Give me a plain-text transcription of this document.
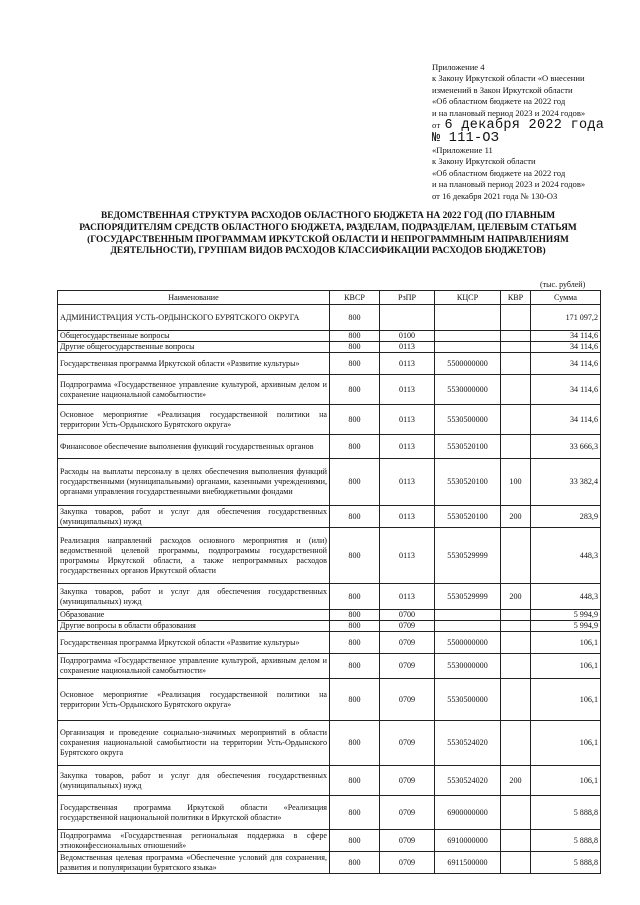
Приложение 4
к Закону Иркутской области «О внесении
изменений в Закон Иркутской области
«Об областном бюджете на 2022 год
и на плановый период 2023 и 2024 годов»
от 6 декабря 2022 года
№ 111-ОЗ
«Приложение 11
к Закону Иркутской области
«Об областном бюджете на 2022 год
и на плановый период 2023 и 2024 годов»
от 16 декабря 2021 года № 130-ОЗ
ВЕДОМСТВЕННАЯ СТРУКТУРА РАСХОДОВ ОБЛАСТНОГО БЮДЖЕТА НА 2022 ГОД (ПО ГЛАВНЫМ РАСПОРЯДИТЕЛЯМ СРЕДСТВ ОБЛАСТНОГО БЮДЖЕТА, РАЗДЕЛАМ, ПОДРАЗДЕЛАМ, ЦЕЛЕВЫМ СТАТЬЯМ (ГОСУДАРСТВЕННЫМ ПРОГРАММАМ ИРКУТСКОЙ ОБЛАСТИ И НЕПРОГРАММНЫМ НАПРАВЛЕНИЯМ ДЕЯТЕЛЬНОСТИ), ГРУППАМ ВИДОВ РАСХОДОВ КЛАССИФИКАЦИИ РАСХОДОВ БЮДЖЕТОВ)
(тыс. рублей)
Наименование	КВСР	РзПР	КЦСР	КВР	Сумма
АДМИНИСТРАЦИЯ УСТЬ-ОРДЫНСКОГО БУРЯТСКОГО ОКРУГА	800				171 097,2
Общегосударственные вопросы	800	0100			34 114,6
Другие общегосударственные вопросы	800	0113			34 114,6
Государственная программа Иркутской области «Развитие культуры»	800	0113	5500000000		34 114,6
Подпрограмма «Государственное управление культурой, архивным делом и сохранение национальной самобытности»	800	0113	5530000000		34 114,6
Основное мероприятие «Реализация государственной политики на территории Усть-Ордынского Бурятского округа»	800	0113	5530500000		34 114,6
Финансовое обеспечение выполнения функций государственных органов	800	0113	5530520100		33 666,3
Расходы на выплаты персоналу в целях обеспечения выполнения функций государственными (муниципальными) органами, казенными учреждениями, органами управления государственными внебюджетными фондами	800	0113	5530520100	100	33 382,4
Закупка товаров, работ и услуг для обеспечения государственных (муниципальных) нужд	800	0113	5530520100	200	283,9
Реализация направлений расходов основного мероприятия и (или) ведомственной целевой программы, подпрограммы государственной программы Иркутской области, а также непрограммных расходов государственных органов Иркутской области	800	0113	5530529999		448,3
Закупка товаров, работ и услуг для обеспечения государственных (муниципальных) нужд	800	0113	5530529999	200	448,3
Образование	800	0700			5 994,9
Другие вопросы в области образования	800	0709			5 994,9
Государственная программа Иркутской области «Развитие культуры»	800	0709	5500000000		106,1
Подпрограмма «Государственное управление культурой, архивным делом и сохранение национальной самобытности»	800	0709	5530000000		106,1
Основное мероприятие «Реализация государственной политики на территории Усть-Ордынского Бурятского округа»	800	0709	5530500000		106,1
Организация и проведение социально-значимых мероприятий в области сохранения национальной самобытности на территории Усть-Ордынского Бурятского округа	800	0709	5530524020		106,1
Закупка товаров, работ и услуг для обеспечения государственных (муниципальных) нужд	800	0709	5530524020	200	106,1
Государственная программа Иркутской области «Реализация государственной национальной политики в Иркутской области»	800	0709	6900000000		5 888,8
Подпрограмма «Государственная региональная поддержка в сфере этноконфессиональных отношений»	800	0709	6910000000		5 888,8
Ведомственная целевая программа «Обеспечение условий для сохранения, развития и популяризации бурятского языка»	800	0709	6911500000		5 888,8
